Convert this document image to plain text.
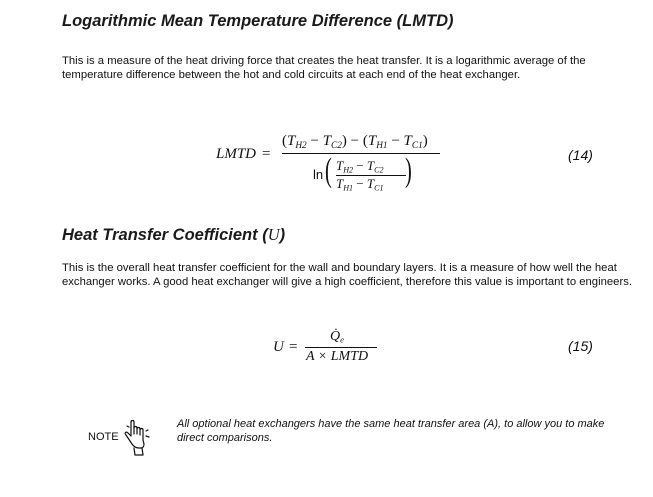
Logarithmic Mean Temperature Difference (LMTD)

This is a measure of the heat driving force that creates the heat transfer. It is a logarithmic average of the temperature difference between the hot and cold circuits at each end of the heat exchanger.

LMTD =
$(T_{H2} - T_{C2}) - (T_{H1} - T_{C1})$
ln ( $T_{H2} - T_{C2}$
$T_{H1} - T_{C1}$ )	(14)
Heat Transfer Coefficient (U)

This is the overall heat transfer coefficient for the wall and boundary layers. It is a measure of how well the heat exchanger works. A good heat exchanger will give a high coefficient, therefore this value is important to engineers.

U =
$Q̇_e$
A × LMTD
(15)
NOTE
All optional heat exchangers have the same heat transfer area (A), to allow you to make direct comparisons.
